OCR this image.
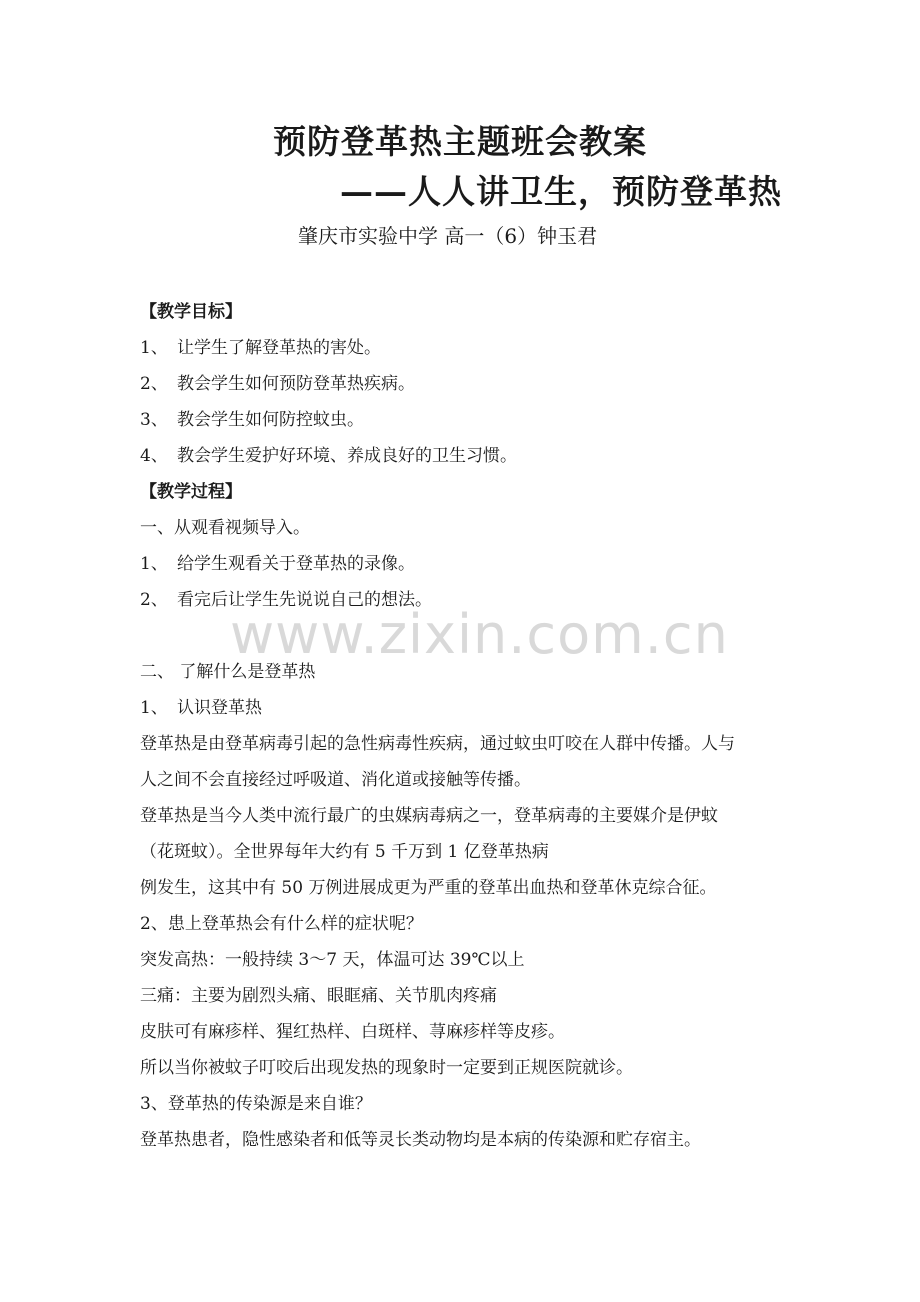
预防登革热主题班会教案
——人人讲卫生，预防登革热
肇庆市实验中学 高一（6）钟玉君
【教学目标】
1、 让学生了解登革热的害处。
2、 教会学生如何预防登革热疾病。
3、 教会学生如何防控蚊虫。
4、 教会学生爱护好环境、养成良好的卫生习惯。
【教学过程】
一、从观看视频导入。
1、 给学生观看关于登革热的录像。
2、 看完后让学生先说说自己的想法。
二、 了解什么是登革热
1、 认识登革热
登革热是由登革病毒引起的急性病毒性疾病，通过蚊虫叮咬在人群中传播。人与
人之间不会直接经过呼吸道、消化道或接触等传播。
登革热是当今人类中流行最广的虫媒病毒病之一，登革病毒的主要媒介是伊蚊
（花斑蚊）。全世界每年大约有 5 千万到 1 亿登革热病
例发生，这其中有 50 万例进展成更为严重的登革出血热和登革休克综合征。
2、患上登革热会有什么样的症状呢？
突发高热：一般持续 3～7 天，体温可达 39℃以上
三痛：主要为剧烈头痛、眼眶痛、关节肌肉疼痛
皮肤可有麻疹样、猩红热样、白斑样、荨麻疹样等皮疹。
所以当你被蚊子叮咬后出现发热的现象时一定要到正规医院就诊。
3、登革热的传染源是来自谁？
登革热患者，隐性感染者和低等灵长类动物均是本病的传染源和贮存宿主。
www.zixin.com.cn
